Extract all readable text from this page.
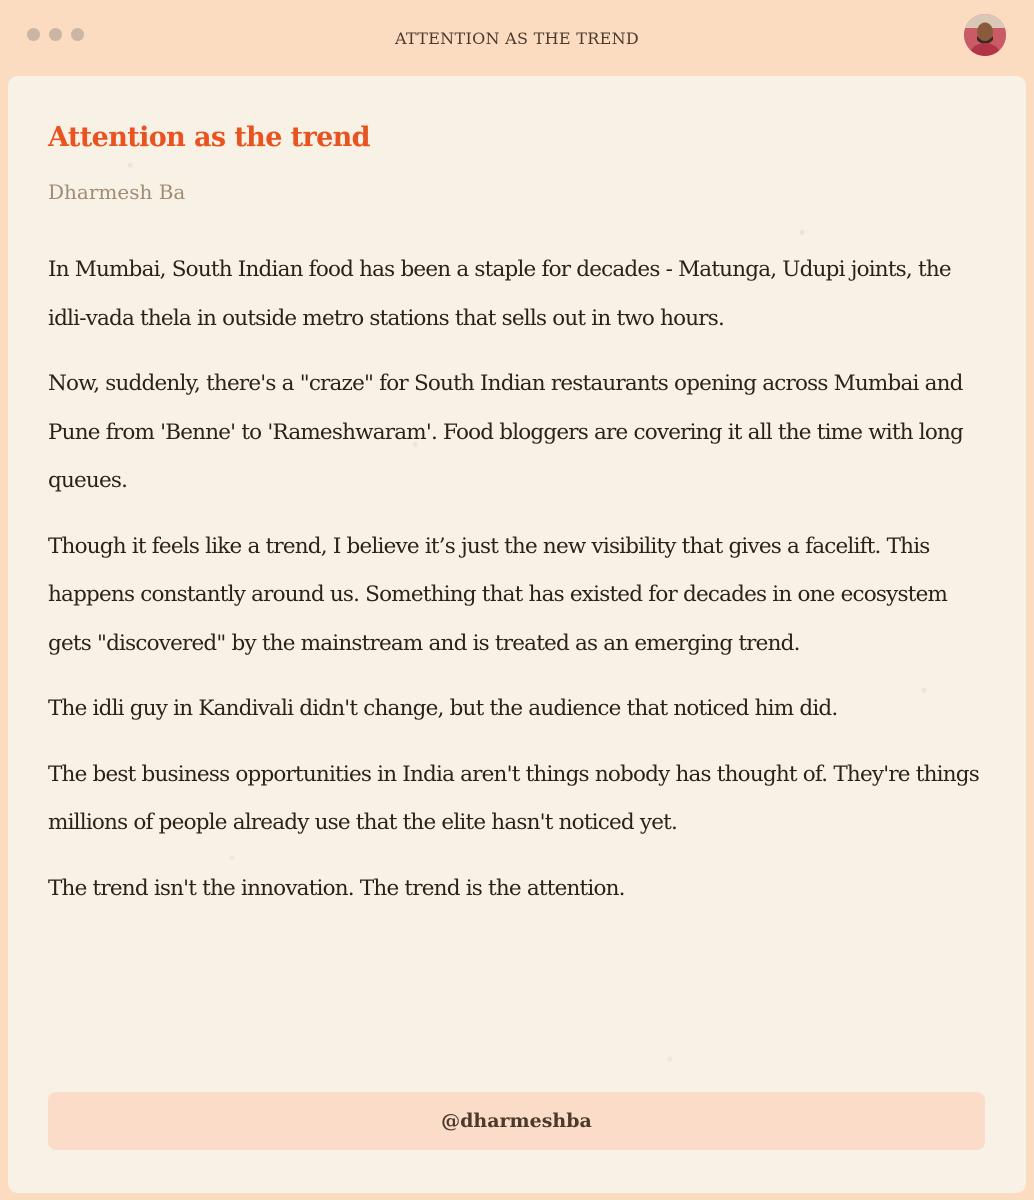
ATTENTION AS THE TREND
Attention as the trend
Dharmesh Ba

In Mumbai, South Indian food has been a staple for decades - Matunga, Udupi joints, the idli-vada thela in outside metro stations that sells out in two hours.

Now, suddenly, there's a "craze" for South Indian restaurants opening across Mumbai and Pune from 'Benne' to 'Rameshwaram'. Food bloggers are covering it all the time with long queues.

Though it feels like a trend, I believe it’s just the new visibility that gives a facelift. This happens constantly around us. Something that has existed for decades in one ecosystem gets "discovered" by the mainstream and is treated as an emerging trend.

The idli guy in Kandivali didn't change, but the audience that noticed him did.

The best business opportunities in India aren't things nobody has thought of. They're things millions of people already use that the elite hasn't noticed yet.

The trend isn't the innovation. The trend is the attention.

@dharmeshba
